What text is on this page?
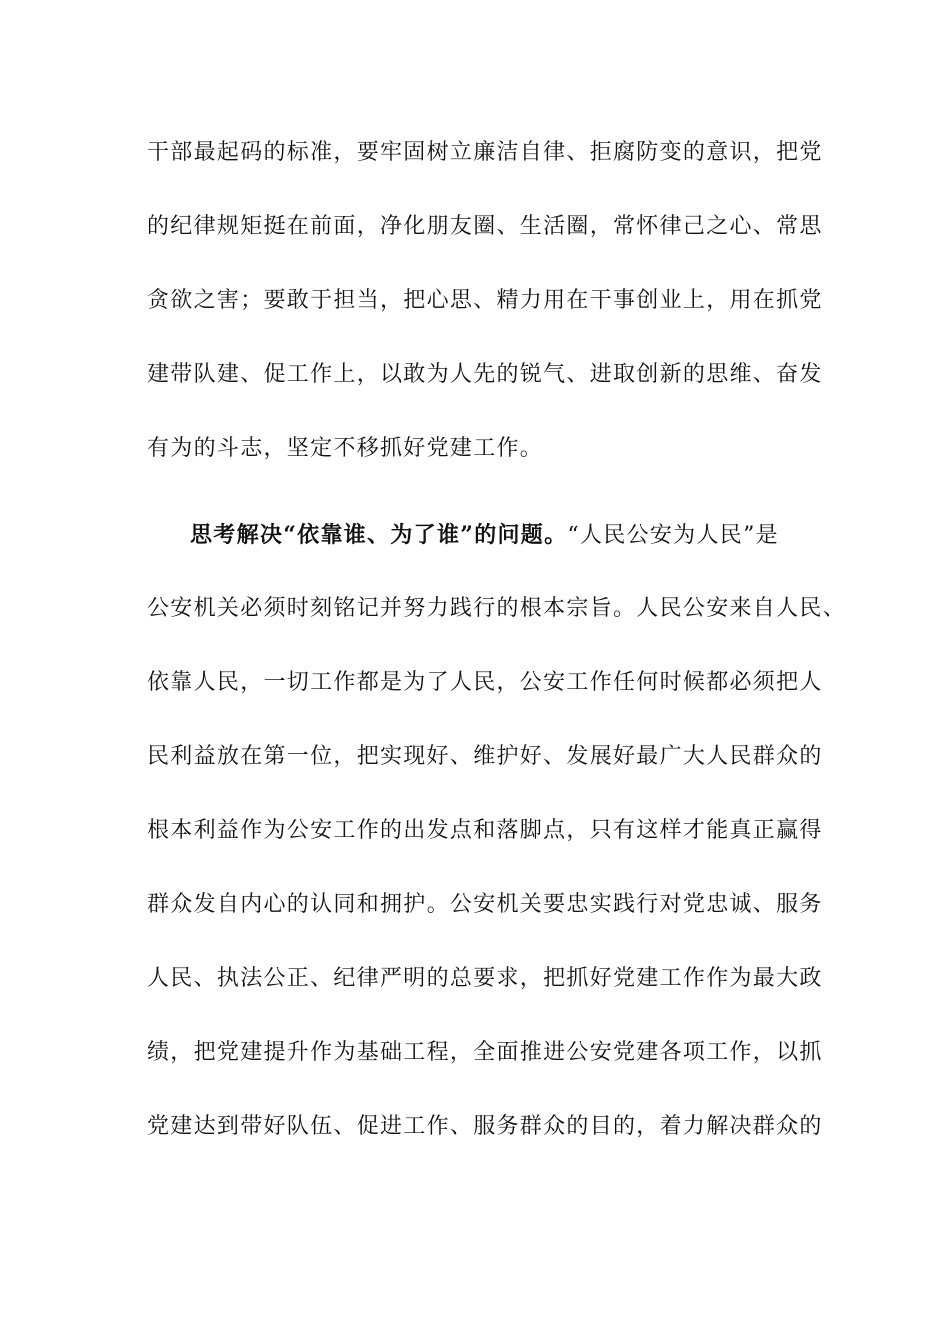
干部最起码的标准，要牢固树立廉洁自律、拒腐防变的意识，把党
的纪律规矩挺在前面，净化朋友圈、生活圈，常怀律己之心、常思
贪欲之害；要敢于担当，把心思、精力用在干事创业上，用在抓党
建带队建、促工作上，以敢为人先的锐气、进取创新的思维、奋发
有为的斗志，坚定不移抓好党建工作。
思考解决“依靠谁、为了谁”的问题。“人民公安为人民”是
公安机关必须时刻铭记并努力践行的根本宗旨。人民公安来自人民、
依靠人民，一切工作都是为了人民，公安工作任何时候都必须把人
民利益放在第一位，把实现好、维护好、发展好最广大人民群众的
根本利益作为公安工作的出发点和落脚点，只有这样才能真正赢得
群众发自内心的认同和拥护。公安机关要忠实践行对党忠诚、服务
人民、执法公正、纪律严明的总要求，把抓好党建工作作为最大政
绩，把党建提升作为基础工程，全面推进公安党建各项工作，以抓
党建达到带好队伍、促进工作、服务群众的目的，着力解决群众的
